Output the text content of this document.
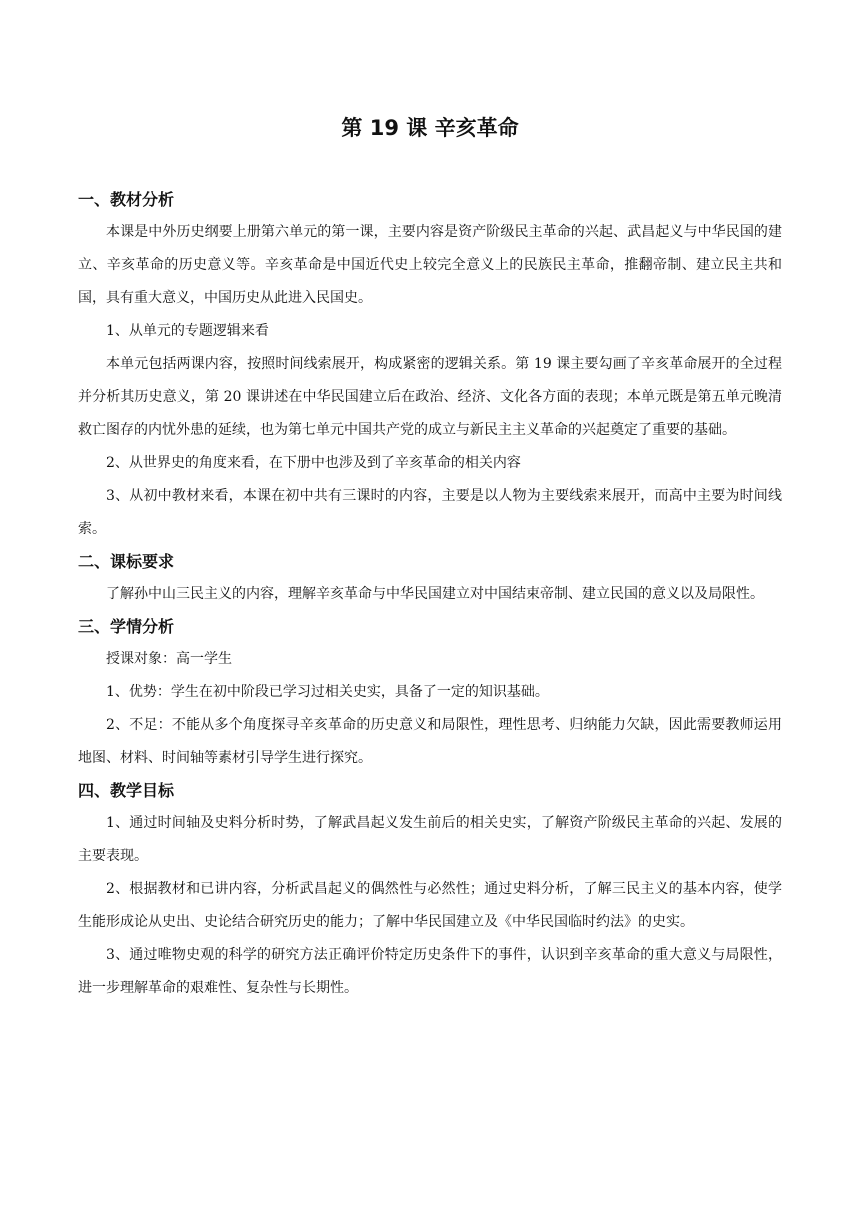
第 19 课 辛亥革命
一、教材分析

本课是中外历史纲要上册第六单元的第一课，主要内容是资产阶级民主革命的兴起、武昌起义与中华民国的建立、辛亥革命的历史意义等。辛亥革命是中国近代史上较完全意义上的民族民主革命，推翻帝制、建立民主共和国，具有重大意义，中国历史从此进入民国史。

1、从单元的专题逻辑来看

本单元包括两课内容，按照时间线索展开，构成紧密的逻辑关系。第 19 课主要勾画了辛亥革命展开的全过程并分析其历史意义，第 20 课讲述在中华民国建立后在政治、经济、文化各方面的表现；本单元既是第五单元晚清救亡图存的内忧外患的延续，也为第七单元中国共产党的成立与新民主主义革命的兴起奠定了重要的基础。

2、从世界史的角度来看，在下册中也涉及到了辛亥革命的相关内容

3、从初中教材来看，本课在初中共有三课时的内容，主要是以人物为主要线索来展开，而高中主要为时间线索。

二、课标要求

了解孙中山三民主义的内容，理解辛亥革命与中华民国建立对中国结束帝制、建立民国的意义以及局限性。

三、学情分析

授课对象：高一学生

1、优势：学生在初中阶段已学习过相关史实，具备了一定的知识基础。

2、不足：不能从多个角度探寻辛亥革命的历史意义和局限性，理性思考、归纳能力欠缺，因此需要教师运用地图、材料、时间轴等素材引导学生进行探究。

四、教学目标

1、通过时间轴及史料分析时势，了解武昌起义发生前后的相关史实，了解资产阶级民主革命的兴起、发展的主要表现。

2、根据教材和已讲内容，分析武昌起义的偶然性与必然性；通过史料分析，了解三民主义的基本内容，使学生能形成论从史出、史论结合研究历史的能力；了解中华民国建立及《中华民国临时约法》的史实。

3、通过唯物史观的科学的研究方法正确评价特定历史条件下的事件，认识到辛亥革命的重大意义与局限性，进一步理解革命的艰难性、复杂性与长期性。
